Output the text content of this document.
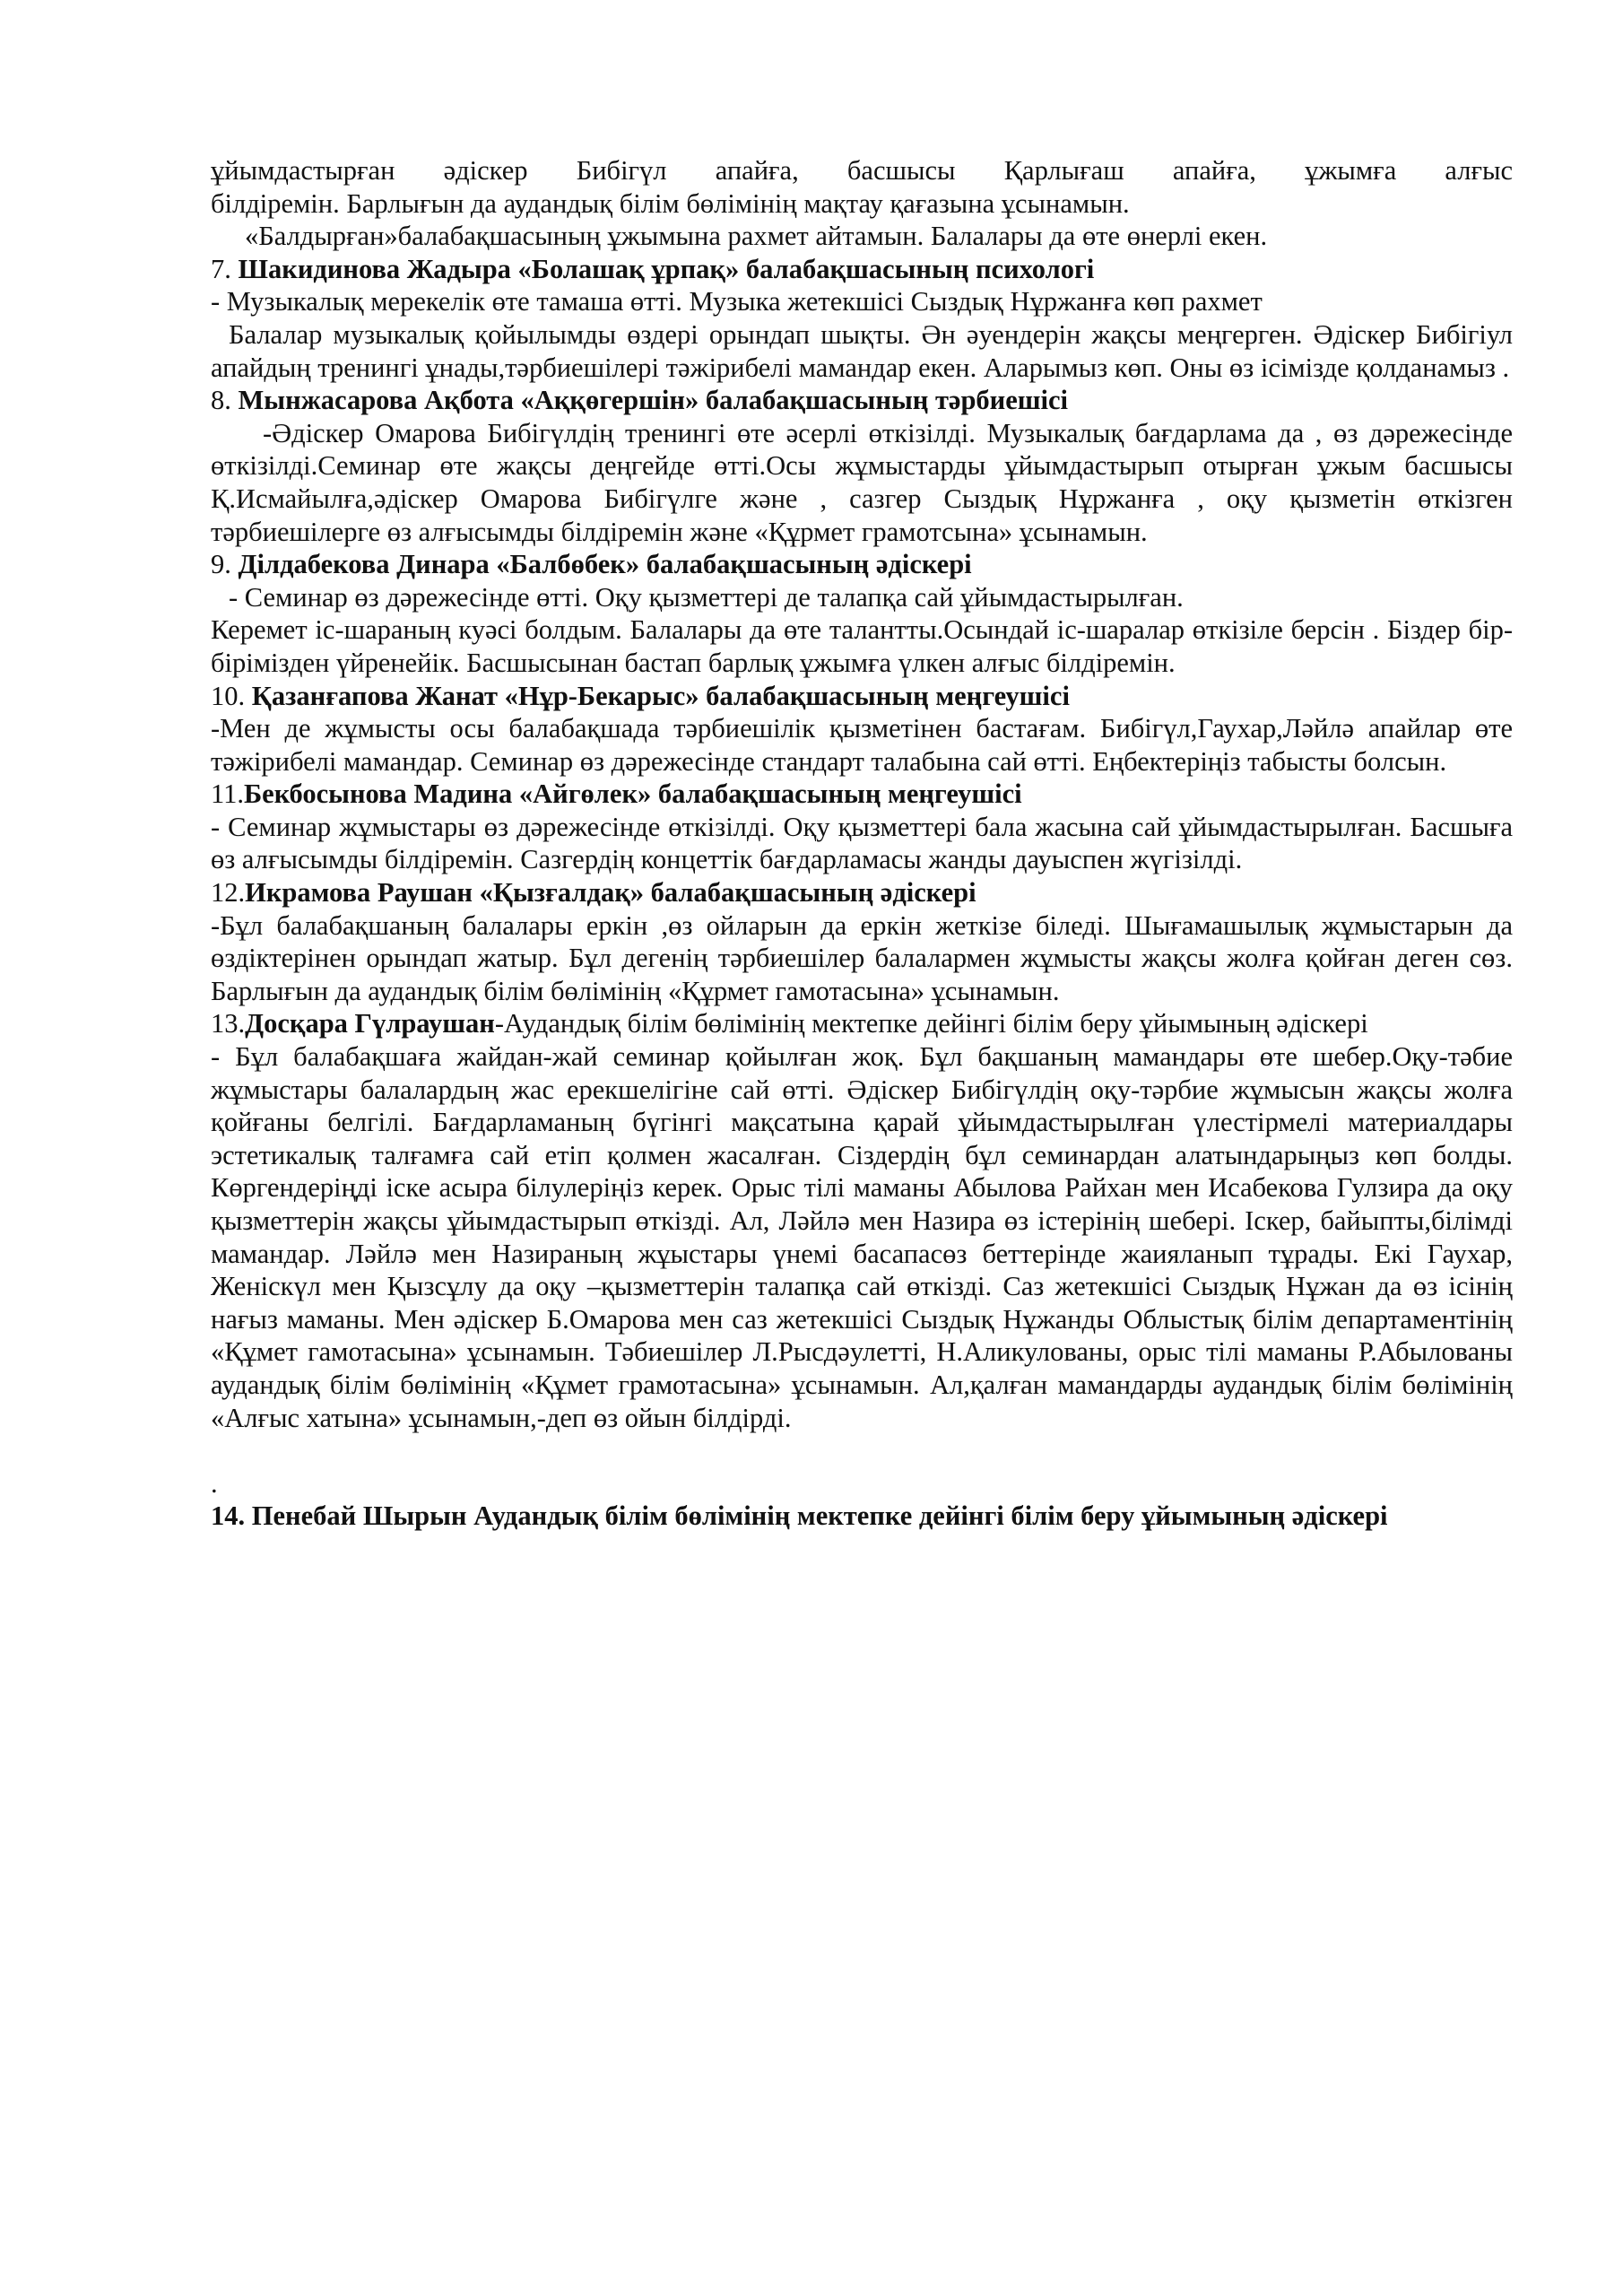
ұйымдастырған әдіскер Бибігүл апайға, басшысы Қарлығаш апайға, ұжымға алғыс

білдіремін. Барлығын да аудандық білім бөлімінің мақтау қағазына ұсынамын.

«Балдырған»балабақшасының ұжымына рахмет айтамын. Балалары да өте өнерлі екен.

7. Шакидинова Жадыра «Болашақ ұрпақ» балабақшасының психологі

- Музыкалық мерекелік өте тамаша өтті. Музыка жетекшісі Сыздық Нұржанға көп рахмет

Балалар музыкалық қойылымды өздері орындап шықты. Ән әуендерін жақсы меңгерген. Әдіскер Бибігіул апайдың тренингі ұнады,тәрбиешілері тәжірибелі мамандар екен. Аларымыз көп. Оны өз ісімізде қолданамыз .

8. Мынжасарова Ақбота «Аққөгершін» балабақшасының тәрбиешісі

-Әдіскер Омарова Бибігүлдің тренингі өте әсерлі өткізілді. Музыкалық бағдарлама да , өз дәрежесінде өткізілді.Семинар өте жақсы деңгейде өтті.Осы жұмыстарды ұйымдастырып отырған ұжым басшысы Қ.Исмайылға,әдіскер Омарова Бибігүлге және , сазгер Сыздық Нұржанға , оқу қызметін өткізген тәрбиешілерге өз алғысымды білдіремін және «Құрмет грамотсына» ұсынамын.

9. Ділдабекова Динара «Балбөбек» балабақшасының әдіскері

- Семинар өз дәрежесінде өтті. Оқу қызметтері де талапқа сай ұйымдастырылған.

Керемет іс-шараның куәсі болдым. Балалары да өте талантты.Осындай іс-шаралар өткізіле берсін . Біздер бір-бірімізден үйренейік. Басшысынан бастап барлық ұжымға үлкен алғыс білдіремін.

10. Қазанғапова Жанат «Нұр-Бекарыс» балабақшасының меңгеушісі

-Мен де жұмысты осы балабақшада тәрбиешілік қызметінен бастағам. Бибігүл,Гаухар,Ләйлә апайлар өте тәжірибелі мамандар. Семинар өз дәрежесінде стандарт талабына сай өтті. Еңбектеріңіз табысты болсын.

11.Бекбосынова Мадина «Айгөлек» балабақшасының меңгеушісі

- Семинар жұмыстары өз дәрежесінде өткізілді. Оқу қызметтері бала жасына сай ұйымдастырылған. Басшыға өз алғысымды білдіремін. Сазгердің концеттік бағдарламасы жанды дауыспен жүгізілді.

12.Икрамова Раушан «Қызғалдақ» балабақшасының әдіскері

-Бұл балабақшаның балалары еркін ,өз ойларын да еркін жеткізе біледі. Шығамашылық жұмыстарын да өздіктерінен орындап жатыр. Бұл дегенің тәрбиешілер балалармен жұмысты жақсы жолға қойған деген сөз. Барлығын да аудандық білім бөлімінің «Құрмет гамотасына» ұсынамын.

13.Досқара Гүлраушан-Аудандық білім бөлімінің мектепке дейінгі білім беру ұйымының әдіскері

- Бұл балабақшаға жайдан-жай семинар қойылған жоқ. Бұл бақшаның мамандары өте шебер.Оқу-тәбие жұмыстары балалардың жас ерекшелігіне сай өтті. Әдіскер Бибігүлдің оқу-тәрбие жұмысын жақсы жолға қойғаны белгілі. Бағдарламаның бүгінгі мақсатына қарай ұйымдастырылған үлестірмелі материалдары эстетикалық талғамға сай етіп қолмен жасалған. Сіздердің бұл семинардан алатындарыңыз көп болды. Көргендеріңді іске асыра білулеріңіз керек. Орыс тілі маманы Абылова Райхан мен Исабекова Гулзира да оқу қызметтерін жақсы ұйымдастырып өткізді. Ал, Ләйлә мен Назира өз істерінің шебері. Іскер, байыпты,білімді мамандар. Ләйлә мен Назираның жұыстары үнемі басапасөз беттерінде жаияланып тұрады. Екі Гаухар, Женіскүл мен Қызсұлу да оқу –қызметтерін талапқа сай өткізді. Саз жетекшісі Сыздық Нұжан да өз ісінің нағыз маманы. Мен әдіскер Б.Омарова мен саз жетекшісі Сыздық Нұжанды Облыстық білім департаментінің «Құмет гамотасына» ұсынамын. Тәбиешілер Л.Рысдәулетті, Н.Аликулованы, орыс тілі маманы Р.Абылованы аудандық білім бөлімінің «Құмет грамотасына» ұсынамын. Ал,қалған мамандарды аудандық білім бөлімінің «Алғыс хатына» ұсынамын,-деп өз ойын білдірді.

.

14. Пенебай Шырын Аудандық білім бөлімінің мектепке дейінгі білім беру ұйымының әдіскері
